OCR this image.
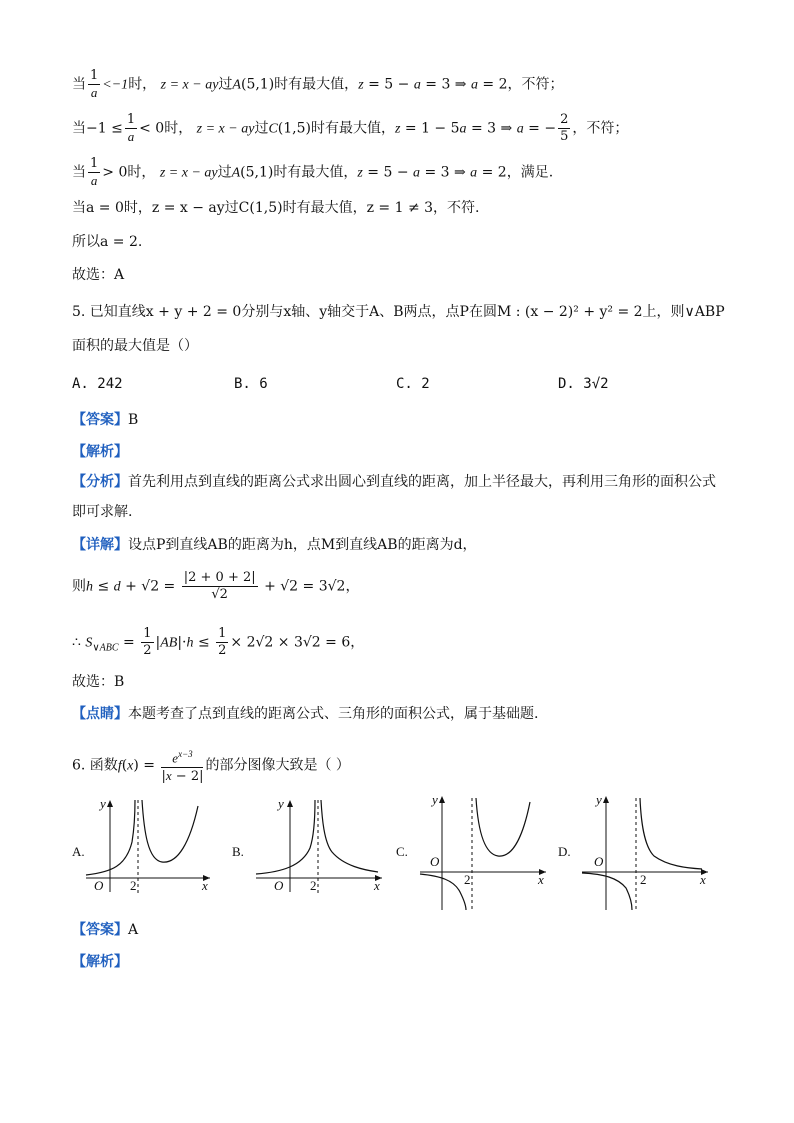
当 $\frac{1}{a} <-1$时， z = x − ay过A(5,1)时有最大值，z = 5 − a = 3 ⇒ a = 2，不符；
当$-1 \le \frac{1}{a} < 0$时， z = x − ay过C(1,5)时有最大值，z = 1 − 5a = 3 ⇒ a = − $\frac{2}{5}$ ，不符；
当 $\frac{1}{a} > 0$时， z = x − ay过A(5,1)时有最大值，z = 5 − a = 3 ⇒ a = 2，满足.
当a = 0时，z = x − ay过C(1,5)时有最大值，z = 1 ≠ 3，不符.
所以a = 2.
故选：A
5. 已知直线x + y + 2 = 0分别与x轴、y轴交于A、B两点，点P在圆M : (x − 2)² + y² = 2上，则∨ABP
面积的最大值是（）
A. 242	B. 6	C. 2	D. 3√2
【答案】B
【解析】
【分析】首先利用点到直线的距离公式求出圆心到直线的距离，加上半径最大，再利用三角形的面积公式
即可求解.
【详解】设点P到直线AB的距离为h，点M到直线AB的距离为d，
则$h \le d + √2 = \frac{|2 + 0 + 2|}{√2} + √2 = 3√2$，
∴ $S_{\vee ABC} = \frac{1}{2} |AB|\cdot h \le \frac{1}{2} \times 2√2 \times 3√2 = 6$，
故选：B
【点睛】本题考查了点到直线的距离公式、三角形的面积公式，属于基础题.
6. 函数$f(x) = \frac{e^{x-3}}{|x - 2|}$ 的部分图像大致是（ ）
A.
y
x
O 2
B.
y
x
O 2
C.
y
x
O
2
D.
y
x
O
2
【答案】A
【解析】
